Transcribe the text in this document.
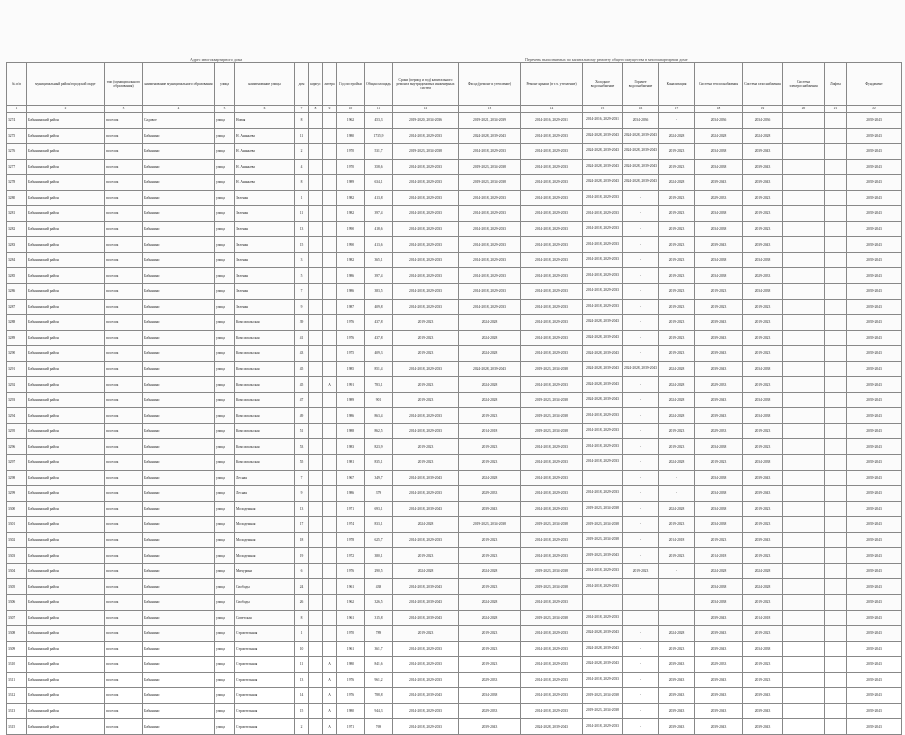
Адрес многоквартирного дома	Перечень выполняемых по капитальному ремонту общего имущества в многоквартирном доме
№ п/п	муниципальный район/городской округ	тип (муниципального образования)	наименование муниципального образования	улица	наименование улицы	дом	корпус	литера	Год постройки	Общая площадь	Сроки (период и год) капитального ремонта внутридомовых инженерных систем	Фасад (ремонт и утепление)	Ремонт крыши (в т.ч. утепление)	Холодное водоснабжение	Горячее водоснабжение	Канализация	Система теплоснабжения	Система газоснабжения	Система электроснабжения	Лифты	Фундамент
1	2	3	4	5	6	7	8	9	10	11	12	13	14	15	16	17	18	19	20	21	22
3274	Бабынинский район	поселок	Садовое	улица	Новая	8			1962	453,3	2019-2020, 2034-2036	2019-2021, 2034-2039	2014-2016, 2029-2031	2014-2016, 2029-2031	2034-2036	-	2034-2036	2034-2036			2039-2043
3275	Бабынинский район	поселок	Бабынино	улица	Н. Ананьева	11			1980	1735,9	2014-2018, 2029-2033	2024-2028, 2039-2043	2014-2018, 2029-2033	2024-2028, 2039-2043	2024-2028, 2039-2043	2024-2028	2024-2028	2024-2028			2039-2043
3276	Бабынинский район	поселок	Бабынино	улица	Н. Ананьева	2			1970	531,7	2019-2023, 2034-2038	2014-2018, 2029-2033	2014-2018, 2029-2033	2024-2028, 2039-2043	2024-2028, 2039-2043	2019-2023	2034-2038	2039-2043			2039-2043
3277	Бабынинский район	поселок	Бабынино	улица	Н. Ананьева	4			1970	358,6	2014-2018, 2029-2033	2019-2023, 2034-2038	2014-2018, 2029-2033	2024-2028, 2039-2043	2024-2028, 2039-2043	2019-2023	2034-2038	2039-2043			2039-2043
3278	Бабынинский район	поселок	Бабынино	улица	Н. Ананьева	8			1989	634,1	2014-2018, 2029-2033	2019-2023, 2034-2038	2014-2018, 2029-2033	2024-2028, 2039-2043	2024-2028, 2039-2043	2024-2028	2039-2043	2039-2043			2039-2043
3280	Бабынинский район	поселок	Бабынино	улица	Зеленая	1			1982	413,8	2014-2018, 2029-2033	2014-2018, 2029-2033	2014-2018, 2029-2033	2014-2018, 2029-2033	-	2019-2023	2029-2033	2019-2023			2039-2043
3281	Бабынинский район	поселок	Бабынино	улица	Зеленая	11			1982	397,4	2014-2018, 2029-2033	2014-2018, 2029-2033	2014-2018, 2029-2033	2014-2018, 2029-2033	-	2019-2023	2034-2038	2019-2023			2039-2043
3282	Бабынинский район	поселок	Бабынино	улица	Зеленая	13			1990	418,6	2014-2018, 2029-2033	2014-2018, 2029-2033	2014-2018, 2029-2033	2014-2018, 2029-2033	-	2019-2023	2034-2038	2019-2023			2039-2043
3283	Бабынинский район	поселок	Бабынино	улица	Зеленая	15			1990	413,6	2014-2018, 2029-2033	2014-2018, 2029-2033	2014-2018, 2029-2033	2014-2018, 2029-2033	-	2019-2023	2039-2043	2039-2043			2039-2043
3284	Бабынинский район	поселок	Бабынино	улица	Зеленая	3			1982	365,1	2014-2018, 2029-2033	2014-2018, 2029-2033	2014-2018, 2029-2033	2014-2018, 2029-2033	-	2019-2023	2034-2038	2034-2038			2039-2043
3285	Бабынинский район	поселок	Бабынино	улица	Зеленая	5			1986	397,4	2014-2018, 2029-2033	2014-2018, 2029-2033	2014-2018, 2029-2033	2014-2018, 2029-2033	-	2019-2023	2034-2038	2029-2033			2039-2043
3286	Бабынинский район	поселок	Бабынино	улица	Зеленая	7			1986	383,5	2014-2018, 2029-2033	2014-2018, 2029-2033	2014-2018, 2029-2033	2014-2018, 2029-2033	-	2019-2023	2019-2023	2034-2038			2039-2043
3287	Бабынинский район	поселок	Бабынино	улица	Зеленая	9			1987	409,8	2014-2018, 2029-2033	2014-2018, 2029-2033	2014-2018, 2029-2033	2014-2018, 2029-2033	-	2019-2023	2019-2023	2019-2023			2039-2043
3288	Бабынинский район	поселок	Бабынино	улица	Комсомольская	39			1976	437,8	2019-2023	2024-2028	2014-2018, 2029-2033	2024-2028, 2039-2043	-	2019-2023	2039-2043	2019-2023			2039-2043
3289	Бабынинский район	поселок	Бабынино	улица	Комсомольская	41			1976	437,8	2019-2023	2024-2028	2014-2018, 2029-2033	2024-2028, 2039-2043	-	2019-2023	2039-2043	2019-2023			2039-2043
3290	Бабынинский район	поселок	Бабынино	улица	Комсомольская	43			1975	409,3	2019-2023	2024-2028	2014-2018, 2029-2033	2024-2028, 2039-2043	-	2019-2023	2039-2043	2019-2023			2039-2043
3291	Бабынинский район	поселок	Бабынино	улица	Комсомольская	45			1985	851,4	2014-2018, 2029-2033	2024-2028, 2039-2043	2019-2023, 2034-2038	2024-2028, 2039-2043	2024-2028, 2039-2043	2024-2028	2039-2043	2034-2038			2039-2043
3292	Бабынинский район	поселок	Бабынино	улица	Комсомольская	45		А	1991	783,1	2019-2023	2024-2028	2014-2018, 2029-2033	2024-2028, 2039-2043	-	2024-2028	2029-2033	2019-2023			2039-2043
3293	Бабынинский район	поселок	Бабынино	улица	Комсомольская	47			1989	901	2019-2023	2024-2028	2019-2023, 2034-2038	2024-2028, 2039-2043	-	2024-2028	2039-2043	2034-2038			2039-2043
3294	Бабынинский район	поселок	Бабынино	улица	Комсомольская	49			1986	863,4	2014-2018, 2029-2033	2019-2023	2019-2023, 2034-2038	2014-2018, 2029-2033	-	2024-2028	2039-2043	2034-2038			2039-2043
3295	Бабынинский район	поселок	Бабынино	улица	Комсомольская	51			1988	862,5	2014-2018, 2029-2033	2014-2018	2019-2023, 2034-2038	2014-2018, 2029-2033	-	2019-2023	2029-2033	2019-2023			2039-2043
3296	Бабынинский район	поселок	Бабынино	улица	Комсомольская	53			1983	823,9	2019-2023	2019-2023	2014-2018, 2029-2033	2014-2018, 2029-2033	-	2019-2023	2034-2038	2019-2023			2039-2043
3297	Бабынинский район	поселок	Бабынино	улица	Комсомольская	55			1981	835,1	2019-2023	2019-2023	2014-2018, 2029-2033	2014-2018, 2029-2033	-	2024-2028	2019-2023	2034-2038			2039-2043
3298	Бабынинский район	поселок	Бабынино	улица	Лесная	7			1967	349,7	2014-2018, 2039-2043	2024-2028	2014-2018, 2029-2033		-	-	2034-2038	2039-2043			2039-2043
3299	Бабынинский район	поселок	Бабынино	улица	Лесная	9			1986	379	2014-2018, 2029-2033	2029-2033	2014-2018, 2029-2033	2014-2018, 2029-2033	-	-	2034-2038	2039-2043			2039-2043
3300	Бабынинский район	поселок	Бабынино	улица	Молодежная	13			1971	693,1	2014-2018, 2039-2043	2039-2043	2014-2018, 2029-2033	2019-2023, 2034-2038	-	2024-2028	2034-2038	2019-2023			2039-2043
3301	Бабынинский район	поселок	Бабынино	улица	Молодежная	17			1974	833,1	2024-2028	2019-2023, 2034-2038	2019-2023, 2034-2038	2019-2023, 2034-2038	-	2019-2023	2034-2038	2019-2023			2039-2043
3302	Бабынинский район	поселок	Бабынино	улица	Молодежная	18			1978	625,7	2014-2018, 2029-2033	2019-2023	2014-2018, 2029-2033	2019-2023, 2034-2038	-	2014-2018	2019-2023	2039-2043			2039-2043
3303	Бабынинский район	поселок	Бабынино	улица	Молодежная	19			1972	380,1	2019-2023	2019-2023	2014-2018, 2029-2033	2019-2023, 2039-2043	-	2019-2023	2014-2018	2019-2023			2039-2043
3304	Бабынинский район	поселок	Бабынино	улица	Мичурина	6			1976	290,5	2024-2028	2024-2028	2019-2023, 2034-2038	2014-2018, 2029-2033	2019-2023	-	2024-2028	2024-2028			2039-2043
3305	Бабынинский район	поселок	Бабынино	улица	Свободы	24			1961	438	2014-2018, 2039-2043	2019-2023	2019-2023, 2034-2038	2014-2018, 2029-2033			2034-2038	2024-2028			2039-2043
3306	Бабынинский район	поселок	Бабынино	улица	Свободы	26			1962	326,5	2014-2018, 2039-2043	2024-2028	2014-2018, 2029-2033				2034-2038	2019-2023			2039-2043
3307	Бабынинский район	поселок	Бабынино	улица	Советская	8			1961	315,8	2014-2018, 2039-2043	2024-2028	2019-2023, 2034-2038	2014-2018, 2029-2033			2039-2043	2014-2018			2039-2043
3308	Бабынинский район	поселок	Бабынино	улица	Строительная	1			1970	789	2019-2023	2019-2023	2014-2018, 2029-2033	2024-2028, 2039-2043	-	2024-2028	2039-2043	2019-2023			2039-2043
3309	Бабынинский район	поселок	Бабынино	улица	Строительная	10			1961	361,7	2014-2018, 2029-2033	2019-2023	2014-2018, 2029-2033	2024-2028, 2039-2043	-	2019-2023	2039-2043	2034-2038			2039-2043
3310	Бабынинский район	поселок	Бабынино	улица	Строительная	11		А	1980	841,6	2014-2018, 2029-2033	2019-2023	2014-2018, 2029-2033	2024-2028, 2039-2043	-	2039-2043	2029-2033	2019-2023			2039-2043
3311	Бабынинский район	поселок	Бабынино	улица	Строительная	13		А	1976	961,2	2014-2018, 2029-2033	2029-2033	2014-2018, 2029-2033	2014-2018, 2029-2033	-	2039-2043	2039-2043	2019-2023			2039-2043
3312	Бабынинский район	поселок	Бабынино	улица	Строительная	14		А	1976	788,8	2014-2018, 2039-2043	2034-2038	2014-2018, 2029-2033	2019-2023, 2034-2038	-	2039-2043	2039-2043	2039-2043			2039-2043
3313	Бабынинский район	поселок	Бабынино	улица	Строительная	15		А	1980	944,3	2014-2018, 2029-2033	2029-2033	2014-2018, 2029-2033	2019-2023, 2034-2038	-	2039-2043	2039-2043	2039-2043			2039-2043
3315	Бабынинский район	поселок	Бабынино	улица	Строительная	2		А	1971	769	2014-2018, 2029-2033	2039-2043	2024-2028, 2039-2043	2014-2018, 2029-2033	-	2039-2043	2039-2043	2039-2043			2039-2043
